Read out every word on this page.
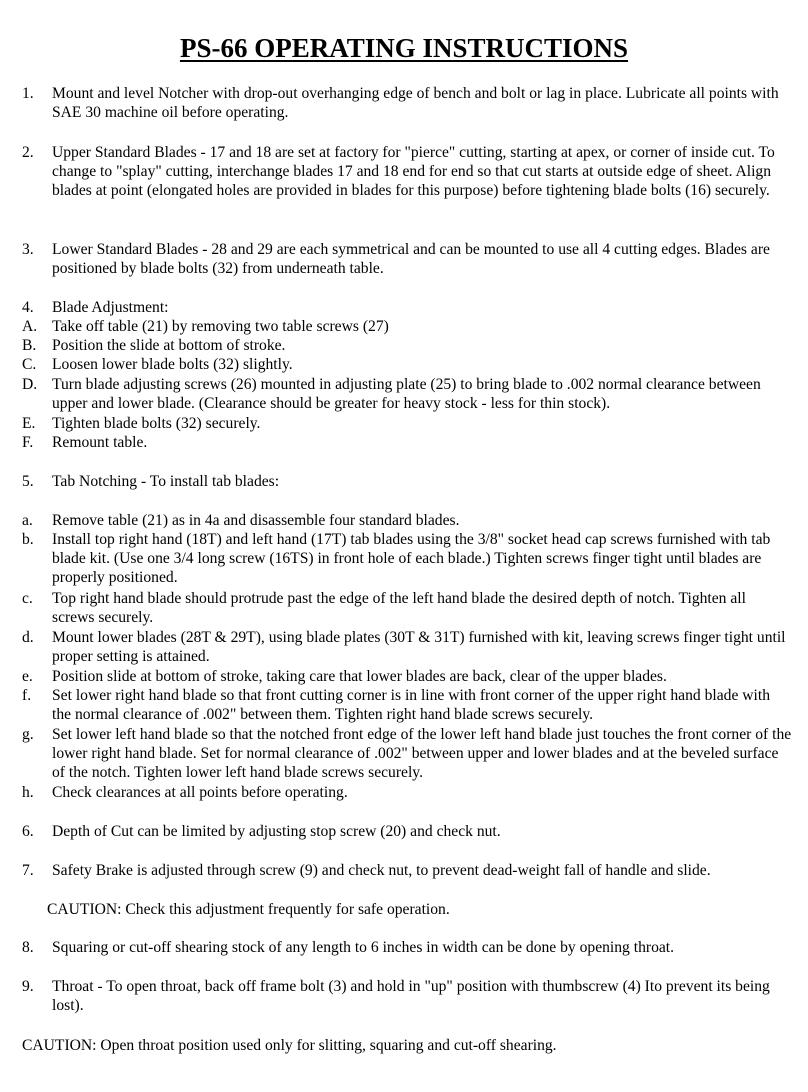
PS-66 OPERATING INSTRUCTIONS
1.	Mount and level Notcher with drop-out overhanging edge of bench and bolt or lag in place. Lubricate all points with SAE 30 machine oil before operating.
2.	Upper Standard Blades - 17 and 18 are set at factory for "pierce" cutting, starting at apex, or corner of inside cut. To change to "splay" cutting, interchange blades 17 and 18 end for end so that cut starts at outside edge of sheet. Align blades at point (elongated holes are provided in blades for this purpose) before tightening blade bolts (16) securely.
3.	Lower Standard Blades - 28 and 29 are each symmetrical and can be mounted to use all 4 cutting edges. Blades are positioned by blade bolts (32) from underneath table.
4.	Blade Adjustment:
A. Take off table (21) by removing two table screws (27)
B.	Position the slide at bottom of stroke.
C.	Loosen lower blade bolts (32) slightly.
D. Turn blade adjusting screws (26) mounted in adjusting plate (25) to bring blade to .002 normal clearance between upper and lower blade. (Clearance should be greater for heavy stock - less for thin stock).
E.	Tighten blade bolts (32) securely.
F.	Remount table.
5.	Tab Notching - To install tab blades:
a.	Remove table (21) as in 4a and disassemble four standard blades.
b.	Install top right hand (18T) and left hand (17T) tab blades using the 3/8" socket head cap screws furnished with tab blade kit. (Use one 3/4 long screw (16TS) in front hole of each blade.) Tighten screws finger tight until blades are properly positioned.
c.	Top right hand blade should protrude past the edge of the left hand blade the desired depth of notch. Tighten all screws securely.
d.	Mount lower blades (28T & 29T), using blade plates (30T & 31T) furnished with kit, leaving screws finger tight until proper setting is attained.
e.	Position slide at bottom of stroke, taking care that lower blades are back, clear of the upper blades.
f.	Set lower right hand blade so that front cutting corner is in line with front corner of the upper right hand blade with the normal clearance of .002" between them. Tighten right hand blade screws securely.
g.	Set lower left hand blade so that the notched front edge of the lower left hand blade just touches the front corner of the lower right hand blade. Set for normal clearance of .002" between upper and lower blades and at the beveled surface of the notch. Tighten lower left hand blade screws securely.
h.	Check clearances at all points before operating.
6.	Depth of Cut can be limited by adjusting stop screw (20) and check nut.
7.	Safety Brake is adjusted through screw (9) and check nut, to prevent dead-weight fall of handle and slide.
CAUTION: Check this adjustment frequently for safe operation.
8.	Squaring or cut-off shearing stock of any length to 6 inches in width can be done by opening throat.
9.	Throat - To open throat, back off frame bolt (3) and hold in "up" position with thumbscrew (4) Ito prevent its being lost).
CAUTION: Open throat position used only for slitting, squaring and cut-off shearing.
